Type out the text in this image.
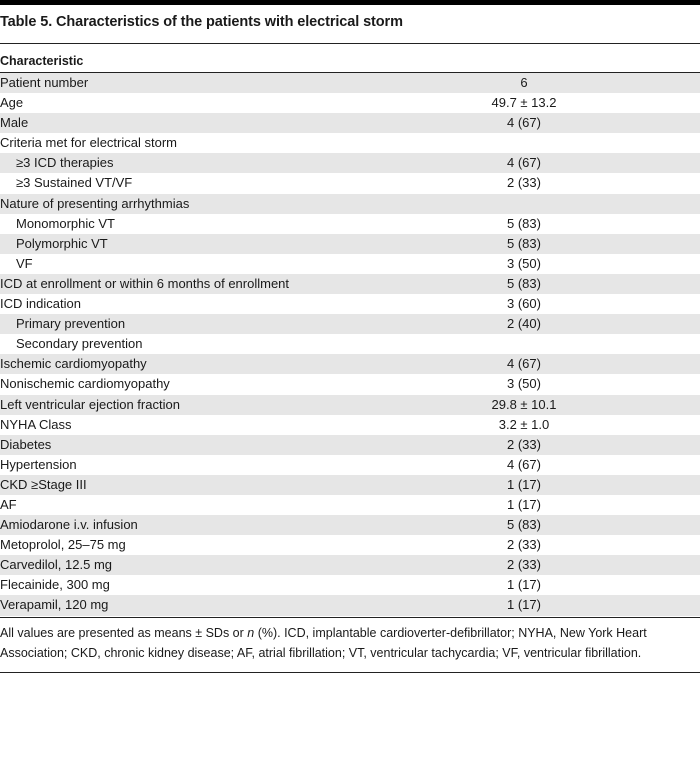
Table 5. Characteristics of the patients with electrical storm
Characteristic
Patient number	6
Age	49.7 ± 13.2
Male	4 (67)
Criteria met for electrical storm
≥3 ICD therapies	4 (67)
≥3 Sustained VT/VF	2 (33)
Nature of presenting arrhythmias
Monomorphic VT	5 (83)
Polymorphic VT	5 (83)
VF	3 (50)
ICD at enrollment or within 6 months of enrollment	5 (83)
ICD indication	3 (60)
Primary prevention	2 (40)
Secondary prevention
Ischemic cardiomyopathy	4 (67)
Nonischemic cardiomyopathy	3 (50)
Left ventricular ejection fraction	29.8 ± 10.1
NYHA Class	3.2 ± 1.0
Diabetes	2 (33)
Hypertension	4 (67)
CKD ≥Stage III	1 (17)
AF	1 (17)
Amiodarone i.v. infusion	5 (83)
Metoprolol, 25–75 mg	2 (33)
Carvedilol, 12.5 mg	2 (33)
Flecainide, 300 mg	1 (17)
Verapamil, 120 mg	1 (17)
All values are presented as means ± SDs or n (%). ICD, implantable cardioverter-defibrillator; NYHA, New York Heart Association; CKD, chronic kidney disease; AF, atrial fibrillation; VT, ventricular tachycardia; VF, ventricular fibrillation.
